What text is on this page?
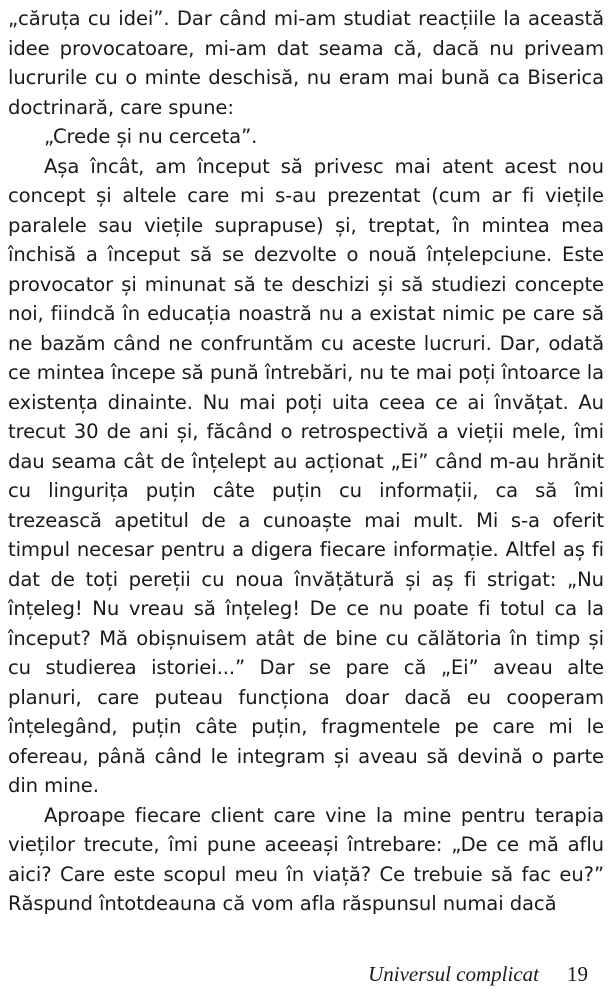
„căruța cu idei”. Dar când mi-am studiat reacțiile la această idee provocatoare, mi-am dat seama că, dacă nu priveam lucrurile cu o minte deschisă, nu eram mai bună ca Biserica doctrinară, care spune:

„Crede și nu cerceta”.

Așa încât, am început să privesc mai atent acest nou concept și altele care mi s-au prezentat (cum ar fi viețile paralele sau viețile suprapuse) și, treptat, în mintea mea închisă a început să se dezvolte o nouă înțelepciune. Este provocator și minunat să te deschizi și să studiezi concepte noi, fiindcă în educația noastră nu a existat nimic pe care să ne bazăm când ne confruntăm cu aceste lucruri. Dar, odată ce mintea începe să pună întrebări, nu te mai poți întoarce la existența dinainte. Nu mai poți uita ceea ce ai învățat. Au trecut 30 de ani și, făcând o retrospectivă a vieții mele, îmi dau seama cât de înțelept au acționat „Ei” când m-au hrănit cu lingurița puțin câte puțin cu informații, ca să îmi trezească apetitul de a cunoaște mai mult. Mi s-a oferit timpul necesar pentru a digera fiecare informație. Altfel aș fi dat de toți pereții cu noua învățătură și aș fi strigat: „Nu înțeleg! Nu vreau să înțeleg! De ce nu poate fi totul ca la început? Mă obișnuisem atât de bine cu călătoria în timp și cu studierea istoriei...” Dar se pare că „Ei” aveau alte planuri, care puteau funcționa doar dacă eu cooperam înțelegând, puțin câte puțin, fragmentele pe care mi le ofereau, până când le integram și aveau să devină o parte din mine.

Aproape fiecare client care vine la mine pentru terapia vieților trecute, îmi pune aceeași întrebare: „De ce mă aflu aici? Care este scopul meu în viață? Ce trebuie să fac eu?” Răspund întotdeauna că vom afla răspunsul numai dacă

Universul complicat 19
